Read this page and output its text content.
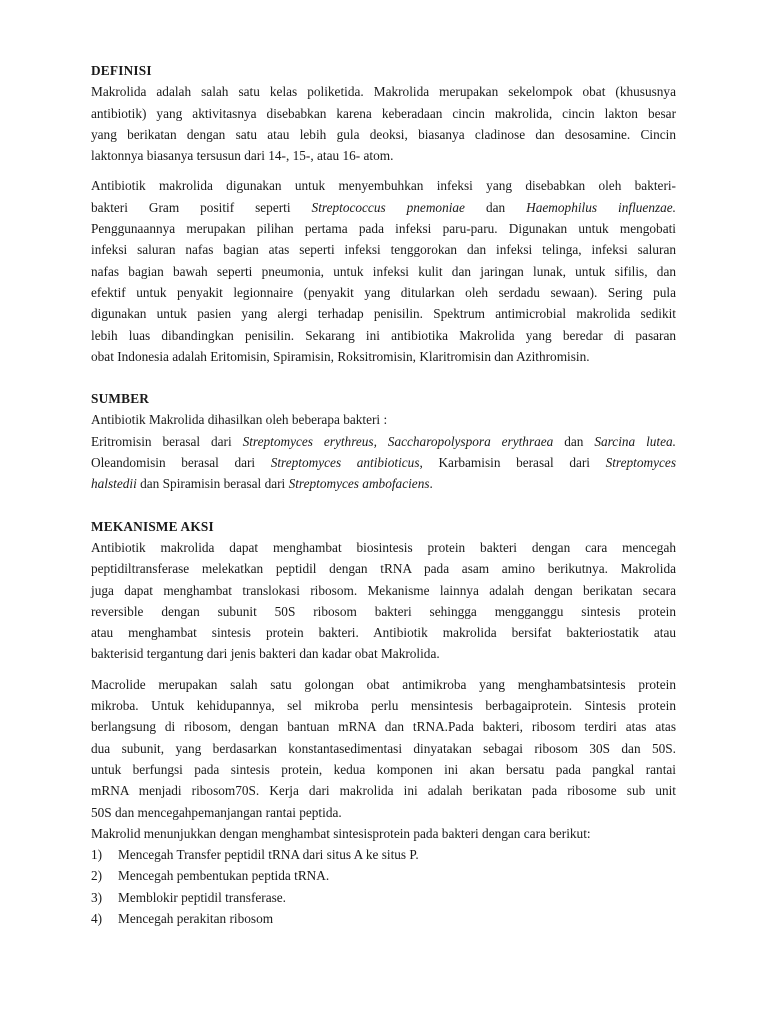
DEFINISI

Makrolida adalah salah satu kelas poliketida. Makrolida merupakan sekelompok obat (khususnya
antibiotik) yang aktivitasnya disebabkan karena keberadaan cincin makrolida, cincin lakton besar
yang berikatan dengan satu atau lebih gula deoksi, biasanya cladinose dan desosamine. Cincin
laktonnya biasanya tersusun dari 14-, 15-, atau 16- atom.

Antibiotik makrolida digunakan untuk menyembuhkan infeksi yang disebabkan oleh bakteri-
bakteri Gram positif seperti Streptococcus pnemoniae dan Haemophilus influenzae.
Penggunaannya merupakan pilihan pertama pada infeksi paru-paru. Digunakan untuk mengobati
infeksi saluran nafas bagian atas seperti infeksi tenggorokan dan infeksi telinga, infeksi saluran
nafas bagian bawah seperti pneumonia, untuk infeksi kulit dan jaringan lunak, untuk sifilis, dan
efektif untuk penyakit legionnaire (penyakit yang ditularkan oleh serdadu sewaan). Sering pula
digunakan untuk pasien yang alergi terhadap penisilin. Spektrum antimicrobial makrolida sedikit
lebih luas dibandingkan penisilin. Sekarang ini antibiotika Makrolida yang beredar di pasaran
obat Indonesia adalah Eritomisin, Spiramisin, Roksitromisin, Klaritromisin dan Azithromisin.

SUMBER

Antibiotik Makrolida dihasilkan oleh beberapa bakteri :
Eritromisin berasal dari Streptomyces erythreus, Saccharopolyspora erythraea dan Sarcina lutea.
Oleandomisin berasal dari Streptomyces antibioticus, Karbamisin berasal dari Streptomyces
halstedii dan Spiramisin berasal dari Streptomyces ambofaciens.

MEKANISME AKSI

Antibiotik makrolida dapat menghambat biosintesis protein bakteri dengan cara mencegah
peptidiltransferase melekatkan peptidil dengan tRNA pada asam amino berikutnya. Makrolida
juga dapat menghambat translokasi ribosom. Mekanisme lainnya adalah dengan berikatan secara
reversible dengan subunit 50S ribosom bakteri sehingga mengganggu sintesis protein
atau menghambat sintesis protein bakteri. Antibiotik makrolida bersifat bakteriostatik atau
bakterisid tergantung dari jenis bakteri dan kadar obat Makrolida.

Macrolide merupakan salah satu golongan obat antimikroba yang menghambatsintesis protein
mikroba. Untuk kehidupannya, sel mikroba perlu mensintesis berbagaiprotein. Sintesis protein
berlangsung di ribosom, dengan bantuan mRNA dan tRNA.Pada bakteri, ribosom terdiri atas atas
dua subunit, yang berdasarkan konstantasedimentasi dinyatakan sebagai ribosom 30S dan 50S.
untuk berfungsi pada sintesis protein, kedua komponen ini akan bersatu pada pangkal rantai
mRNA menjadi ribosom70S. Kerja dari makrolida ini adalah berikatan pada ribosome sub unit
50S dan mencegahpemanjangan rantai peptida.
Makrolid menunjukkan dengan menghambat sintesisprotein pada bakteri dengan cara berikut:

1)	Mencegah Transfer peptidil tRNA dari situs A ke situs P.
2)	Mencegah pembentukan peptida tRNA.
3)	Memblokir peptidil transferase.
4)	Mencegah perakitan ribosom
